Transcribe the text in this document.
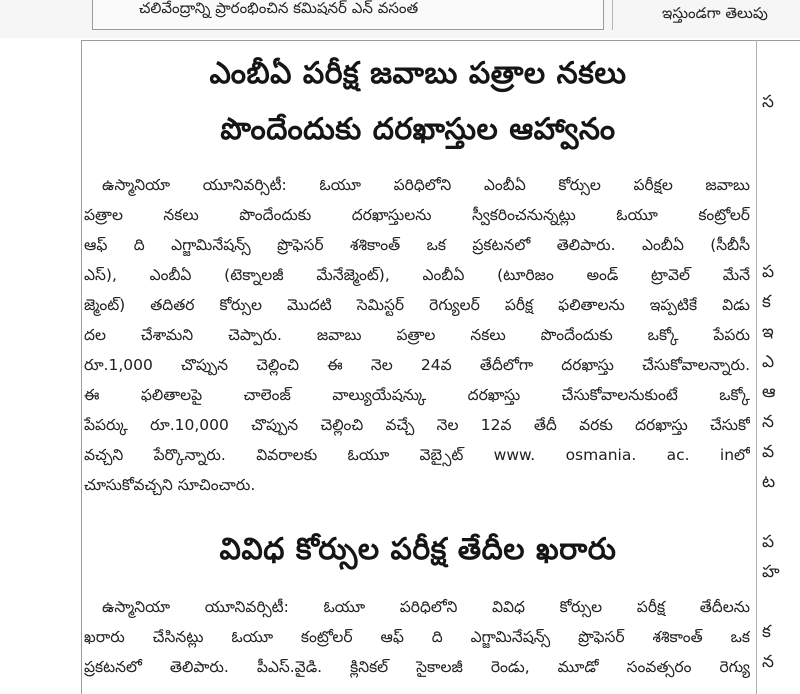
చలివేంద్రాన్ని ప్రారంభించిన కమిషనర్ ఎన్ వసంత	ఇస్తుండగా తెలుపు
ఎంబీఏ పరీక్ష జవాబు పత్రాల నకలు
పొందేందుకు దరఖాస్తుల ఆహ్వానం
ఉస్మానియా యూనివర్సిటీ: ఓయూ పరిధిలోని ఎంబీఏ కోర్సుల పరీక్షల జవాబు
పత్రాల నకలు పొందేందుకు దరఖాస్తులను స్వీకరించనున్నట్లు ఓయూ కంట్రోలర్
ఆఫ్ ది ఎగ్జామినేషన్స్ ప్రొఫెసర్ శశికాంత్ ఒక ప్రకటనలో తెలిపారు. ఎంబీఏ (సీబీసీ
ఎస్), ఎంబీఏ (టెక్నాలజీ మేనేజ్మెంట్), ఎంబీఏ (టూరిజం అండ్ ట్రావెల్ మేనే
జ్మెంట్) తదితర కోర్సుల మొదటి సెమిస్టర్ రెగ్యులర్ పరీక్ష ఫలితాలను ఇప్పటికే విడు
దల చేశామని చెప్పారు. జవాబు పత్రాల నకలు పొందేందుకు ఒక్కో పేపరు
రూ.1,000 చొప్పున చెల్లించి ఈ నెల 24వ తేదీలోగా దరఖాస్తు చేసుకోవాలన్నారు.
ఈ ఫలితాలపై చాలెంజ్ వాల్యుయేషన్కు దరఖాస్తు చేసుకోవాలనుకుంటే ఒక్కో
పేపర్కు రూ.10,000 చొప్పున చెల్లించి వచ్చే నెల 12వ తేదీ వరకు దరఖాస్తు చేసుకో
వచ్చని పేర్కొన్నారు. వివరాలకు ఓయూ వెబ్సైట్ www. osmania. ac. inలో
చూసుకోవచ్చని సూచించారు.
వివిధ కోర్సుల పరీక్ష తేదీల ఖరారు
ఉస్మానియా యూనివర్సిటీ: ఓయూ పరిధిలోని వివిధ కోర్సుల పరీక్ష తేదీలను
ఖరారు చేసినట్లు ఓయూ కంట్రోలర్ ఆఫ్ ది ఎగ్జామినేషన్స్ ప్రొఫెసర్ శశికాంత్ ఒక
ప్రకటనలో తెలిపారు. పీఎస్.వైడి. క్లినికల్ సైకాలజీ రెండు, మూడో సంవత్సరం రెగ్యు
స
ప
క
ఇ
ఎ
ఆ
న
వ
ట
ప
హ
క
న
